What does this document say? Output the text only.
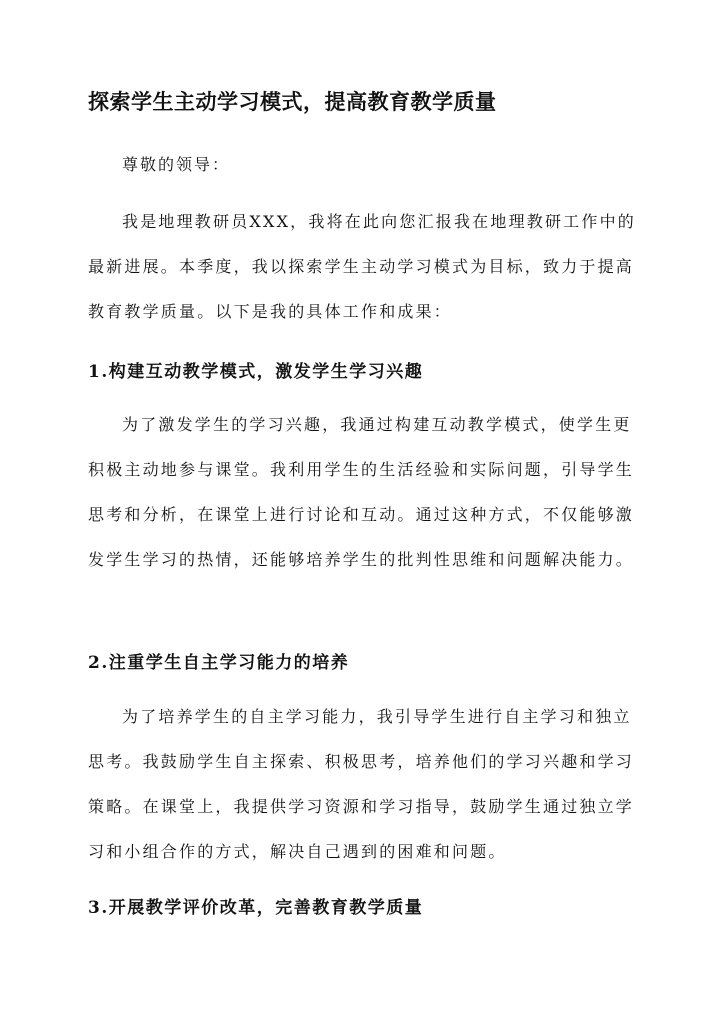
探索学生主动学习模式，提高教育教学质量

尊敬的领导：

我是地理教研员XXX，我将在此向您汇报我在地理教研工作中的最新进展。本季度，我以探索学生主动学习模式为目标，致力于提高教育教学质量。以下是我的具体工作和成果：

1.构建互动教学模式，激发学生学习兴趣

为了激发学生的学习兴趣，我通过构建互动教学模式，使学生更积极主动地参与课堂。我利用学生的生活经验和实际问题，引导学生思考和分析，在课堂上进行讨论和互动。通过这种方式，不仅能够激发学生学习的热情，还能够培养学生的批判性思维和问题解决能力。

2.注重学生自主学习能力的培养

为了培养学生的自主学习能力，我引导学生进行自主学习和独立思考。我鼓励学生自主探索、积极思考，培养他们的学习兴趣和学习策略。在课堂上，我提供学习资源和学习指导，鼓励学生通过独立学习和小组合作的方式，解决自己遇到的困难和问题。

3.开展教学评价改革，完善教育教学质量
